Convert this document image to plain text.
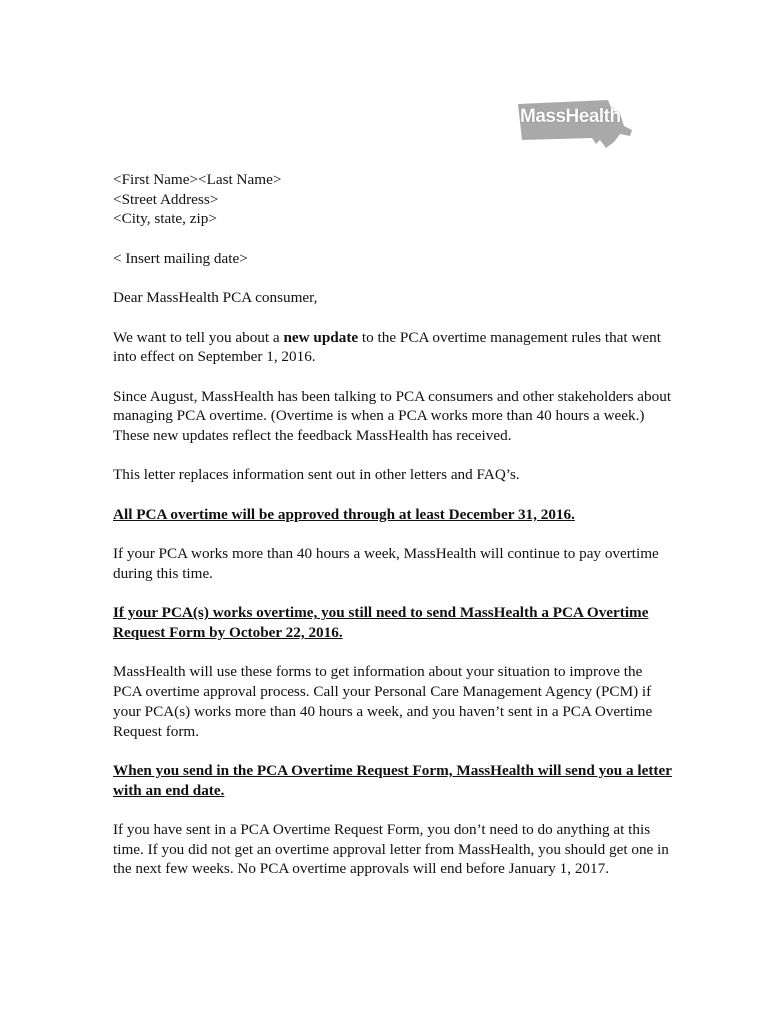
MassHealth

<First Name><Last Name>

<Street Address>

<City, state, zip>

< Insert mailing date>

Dear MassHealth PCA consumer,

We want to tell you about a new update to the PCA overtime management rules that went into effect on September 1, 2016.

Since August, MassHealth has been talking to PCA consumers and other stakeholders about managing PCA overtime. (Overtime is when a PCA works more than 40 hours a week.) These new updates reflect the feedback MassHealth has received.

This letter replaces information sent out in other letters and FAQ’s.

All PCA overtime will be approved through at least December 31, 2016.

If your PCA works more than 40 hours a week, MassHealth will continue to pay overtime during this time.

If your PCA(s) works overtime, you still need to send MassHealth a PCA Overtime Request Form by October 22, 2016.

MassHealth will use these forms to get information about your situation to improve the PCA overtime approval process. Call your Personal Care Management Agency (PCM) if your PCA(s) works more than 40 hours a week, and you haven’t sent in a PCA Overtime Request form.

When you send in the PCA Overtime Request Form, MassHealth will send you a letter with an end date.

If you have sent in a PCA Overtime Request Form, you don’t need to do anything at this time. If you did not get an overtime approval letter from MassHealth, you should get one in the next few weeks. No PCA overtime approvals will end before January 1, 2017.
